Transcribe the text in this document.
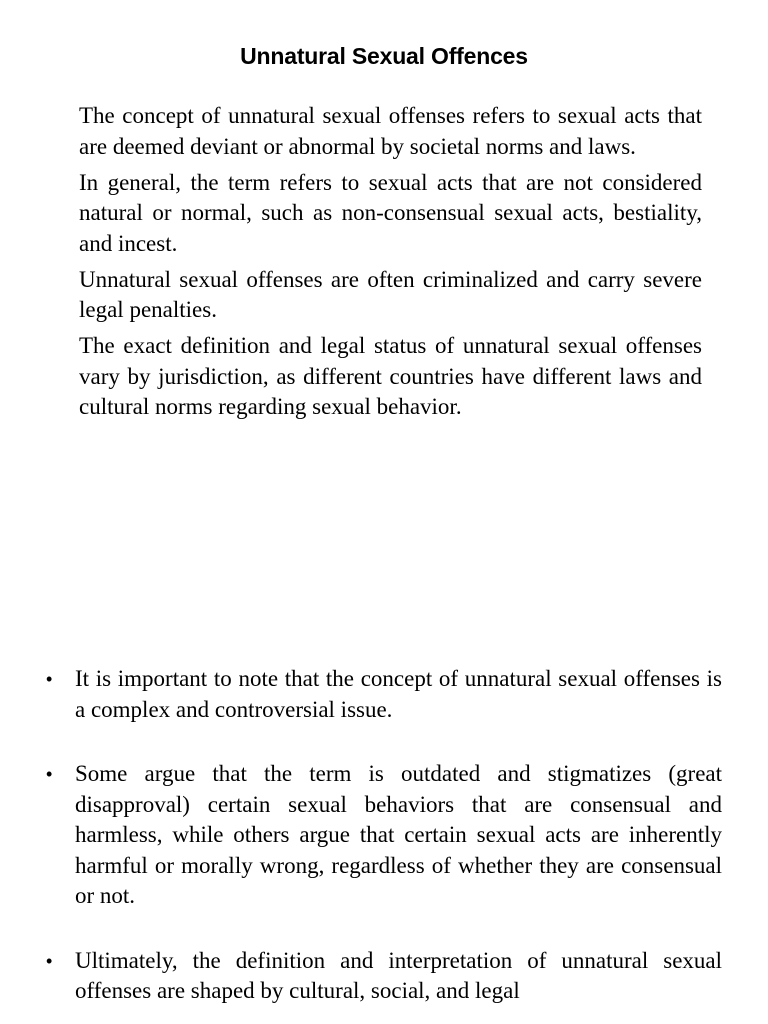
Unnatural Sexual Offences

The concept of unnatural sexual offenses refers to sexual acts that are deemed deviant or abnormal by societal norms and laws.

In general, the term refers to sexual acts that are not considered natural or normal, such as non-consensual sexual acts, bestiality, and incest.

Unnatural sexual offenses are often criminalized and carry severe legal penalties.

The exact definition and legal status of unnatural sexual offenses vary by jurisdiction, as different countries have different laws and cultural norms regarding sexual behavior.

• It is important to note that the concept of unnatural sexual offenses is a complex and controversial issue.
• Some argue that the term is outdated and stigmatizes (great disapproval) certain sexual behaviors that are consensual and harmless, while others argue that certain sexual acts are inherently harmful or morally wrong, regardless of whether they are consensual or not.
• Ultimately, the definition and interpretation of unnatural sexual offenses are shaped by cultural, social, and legal
